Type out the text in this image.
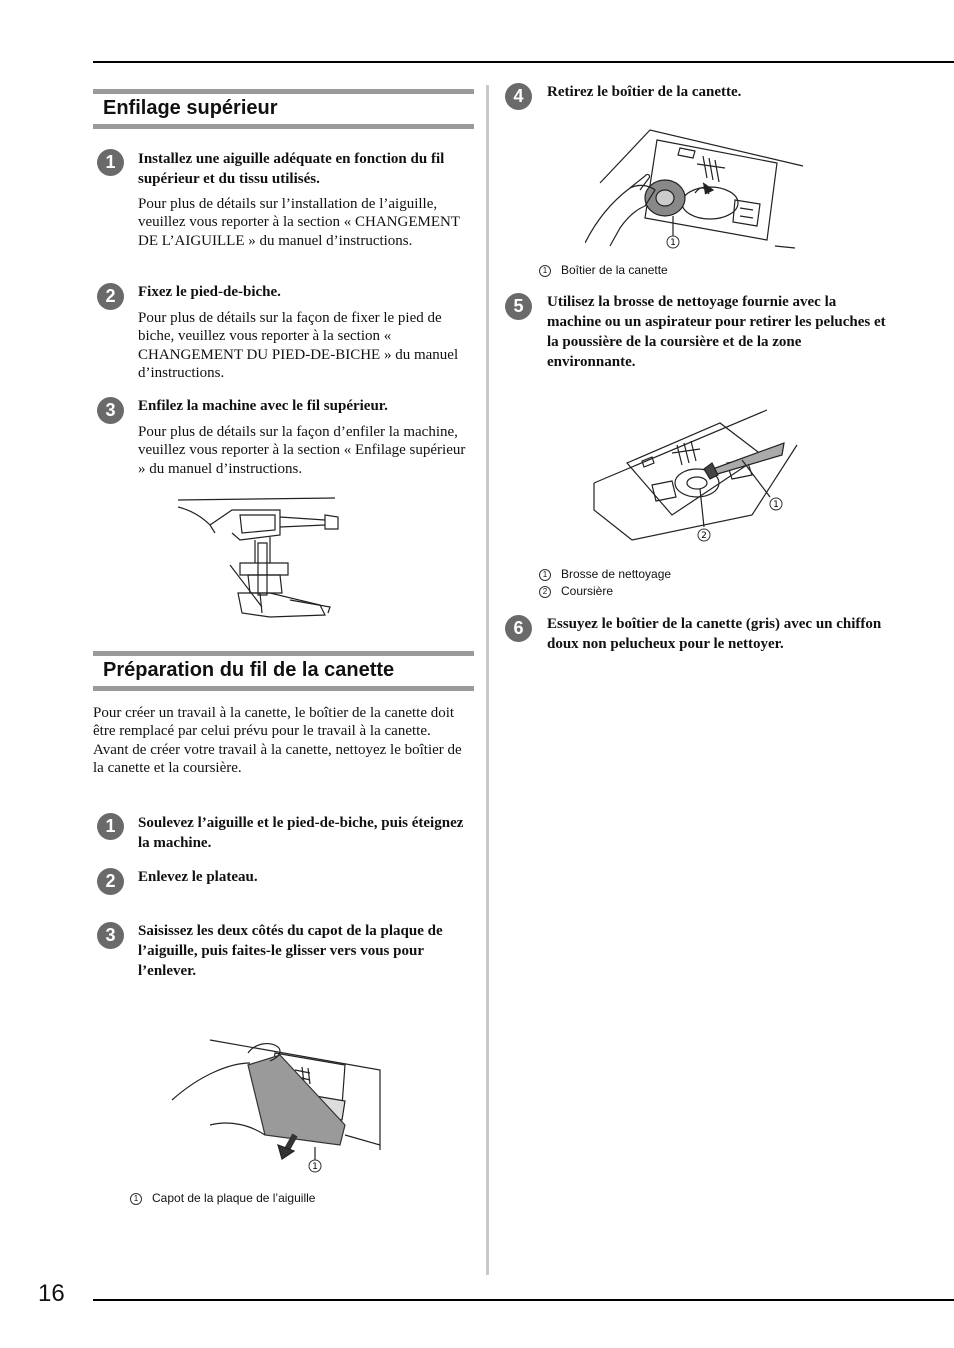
16
Enfilage supérieur
1	Installez une aiguille adéquate en fonction du fil supérieur et du tissu utilisés.
Pour plus de détails sur l’installation de l’aiguille, veuillez vous reporter à la section « CHANGEMENT DE L’AIGUILLE » du manuel d’instructions.
2	Fixez le pied-de-biche.
Pour plus de détails sur la façon de fixer le pied de biche, veuillez vous reporter à la section « CHANGEMENT DU PIED-DE-BICHE » du manuel d’instructions.
3	Enfilez la machine avec le fil supérieur.
Pour plus de détails sur la façon d’enfiler la machine, veuillez vous reporter à la section « Enfilage supérieur » du manuel d’instructions.
Préparation du fil de la canette
Pour créer un travail à la canette, le boîtier de la canette doit être remplacé par celui prévu pour le travail à la canette.
Avant de créer votre travail à la canette, nettoyez le boîtier de la canette et la coursière.
1	Soulevez l’aiguille et le pied-de-biche, puis éteignez la machine.
2	Enlevez le plateau.
3	Saisissez les deux côtés du capot de la plaque de l’aiguille, puis faites-le glisser vers vous pour l’enlever.
1
1 Capot de la plaque de l’aiguille
4	Retirez le boîtier de la canette.
1
1 Boîtier de la canette
5	Utilisez la brosse de nettoyage fournie avec la machine ou un aspirateur pour retirer les peluches et la poussière de la coursière et de la zone environnante.
1
2
1 Brosse de nettoyage
2 Coursière
6	Essuyez le boîtier de la canette (gris) avec un chiffon doux non pelucheux pour le nettoyer.
